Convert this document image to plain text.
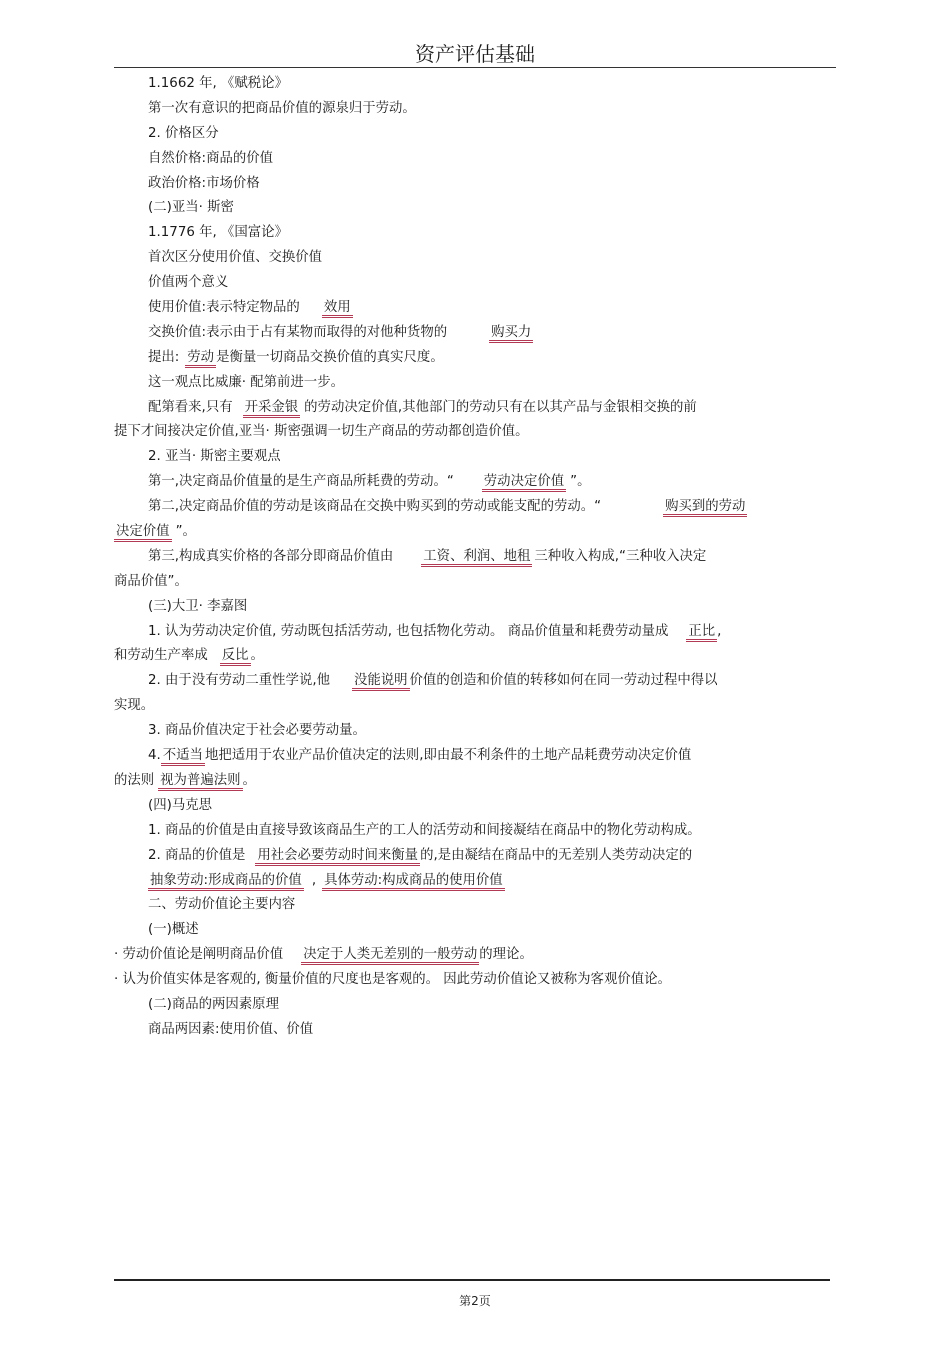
资产评估基础
1.1662 年, 《赋税论》
第一次有意识的把商品价值的源泉归于劳动。
2. 价格区分
自然价格:商品的价值
政治价格:市场价格
(二)亚当· 斯密
1.1776 年, 《国富论》
首次区分使用价值、交换价值
价值两个意义
使用价值:表示特定物品的 效用
交换价值:表示由于占有某物而取得的对他种货物的	购买力
提出: 劳动 是衡量一切商品交换价值的真实尺度。
这一观点比威廉· 配第前进一步。
配第看来,只有 开采金银 的劳动决定价值,其他部门的劳动只有在以其产品与金银相交换的前
提下才间接决定价值,亚当· 斯密强调一切生产商品的劳动都创造价值。
2. 亚当· 斯密主要观点
第一,决定商品价值量的是生产商品所耗费的劳动。“ 劳动决定价值 ”。
第二,决定商品价值的劳动是该商品在交换中购买到的劳动或能支配的劳动。“	购买到的劳动
决定价值 ”。
第三,构成真实价格的各部分即商品价值由 工资、利润、地租 三种收入构成,“三种收入决定
商品价值”。
(三)大卫· 李嘉图
1. 认为劳动决定价值, 劳动既包括活劳动, 也包括物化劳动。 商品价值量和耗费劳动量成 正比 ,
和劳动生产率成 反比 。
2. 由于没有劳动二重性学说,他 没能说明 价值的创造和价值的转移如何在同一劳动过程中得以
实现。
3. 商品价值决定于社会必要劳动量。
4. 不适当 地把适用于农业产品价值决定的法则,即由最不利条件的土地产品耗费劳动决定价值
的法则 视为普遍法则 。
(四)马克思
1. 商品的价值是由直接导致该商品生产的工人的活劳动和间接凝结在商品中的物化劳动构成。
2. 商品的价值是 用社会必要劳动时间来衡量 的,是由凝结在商品中的无差别人类劳动决定的
抽象劳动:形成商品的价值 , 具体劳动:构成商品的使用价值
二、劳动价值论主要内容
(一)概述
· 劳动价值论是阐明商品价值 决定于人类无差别的一般劳动 的理论。
· 认为价值实体是客观的, 衡量价值的尺度也是客观的。 因此劳动价值论又被称为客观价值论。
(二)商品的两因素原理
商品两因素:使用价值、价值
第2页
